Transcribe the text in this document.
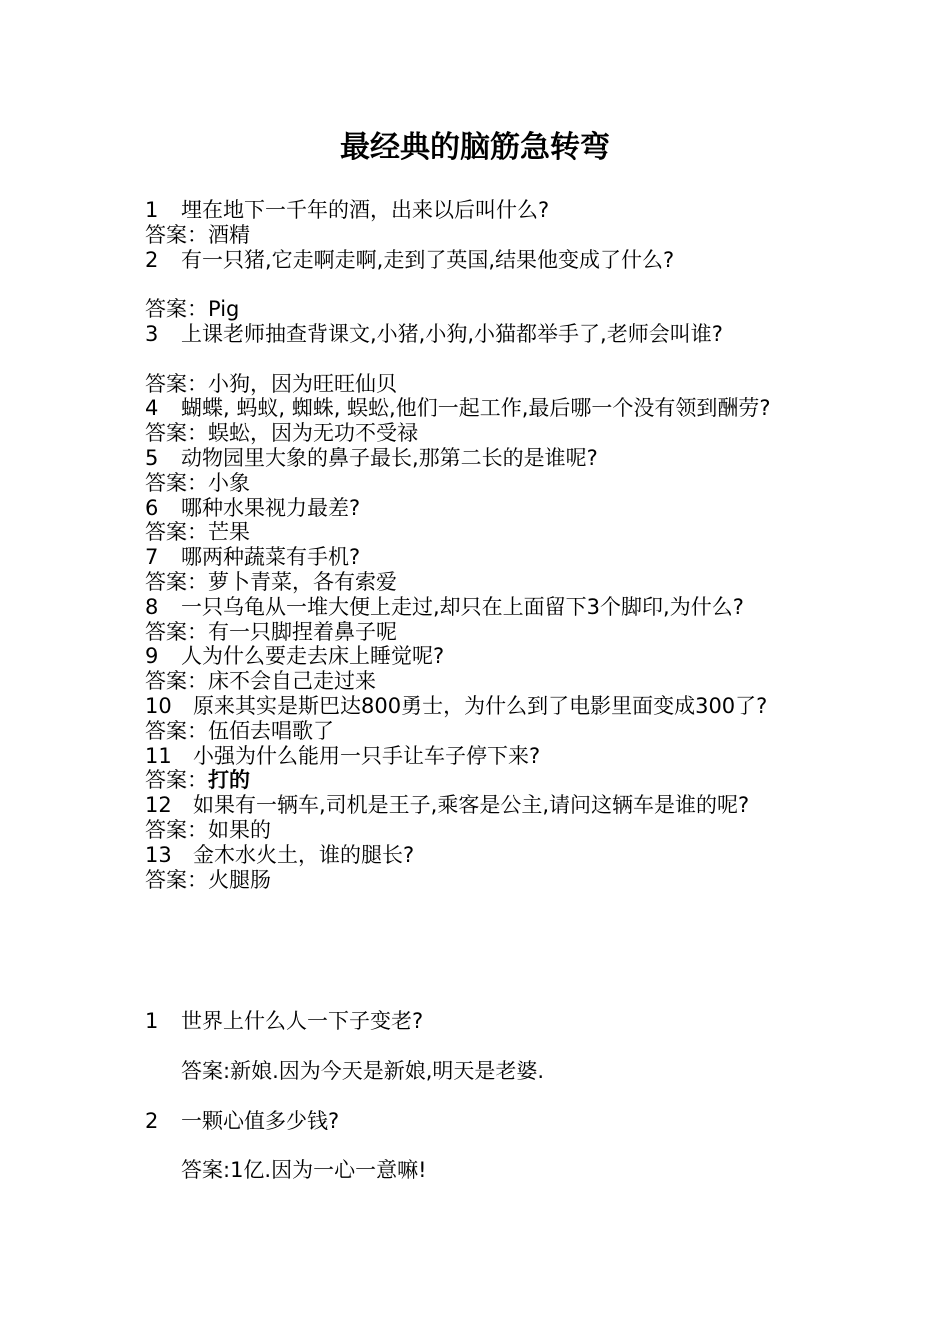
最经典的脑筋急转弯
1 埋在地下一千年的酒，出来以后叫什么?
答案：酒精
2 有一只猪,它走啊走啊,走到了英国,结果他变成了什么?
答案：Pig
3 上课老师抽查背课文,小猪,小狗,小猫都举手了,老师会叫谁?
答案：小狗，因为旺旺仙贝
4 蝴蝶, 蚂蚁, 蜘蛛, 蜈蚣,他们一起工作,最后哪一个没有领到酬劳?
答案：蜈蚣，因为无功不受禄
5 动物园里大象的鼻子最长,那第二长的是谁呢?
答案：小象
6 哪种水果视力最差?
答案：芒果
7 哪两种蔬菜有手机?
答案：萝卜青菜，各有索爱
8 一只乌龟从一堆大便上走过,却只在上面留下3个脚印,为什么?
答案：有一只脚捏着鼻子呢
9 人为什么要走去床上睡觉呢?
答案：床不会自己走过来
10 原来其实是斯巴达800勇士，为什么到了电影里面变成300了?
答案：伍佰去唱歌了
11 小强为什么能用一只手让车子停下来?
答案：打的
12 如果有一辆车,司机是王子,乘客是公主,请问这辆车是谁的呢?
答案：如果的
13 金木水火土，谁的腿长?
答案：火腿肠
1 世界上什么人一下子变老?
答案:新娘.因为今天是新娘,明天是老婆.
2 一颗心值多少钱?
答案:1亿.因为一心一意嘛!
